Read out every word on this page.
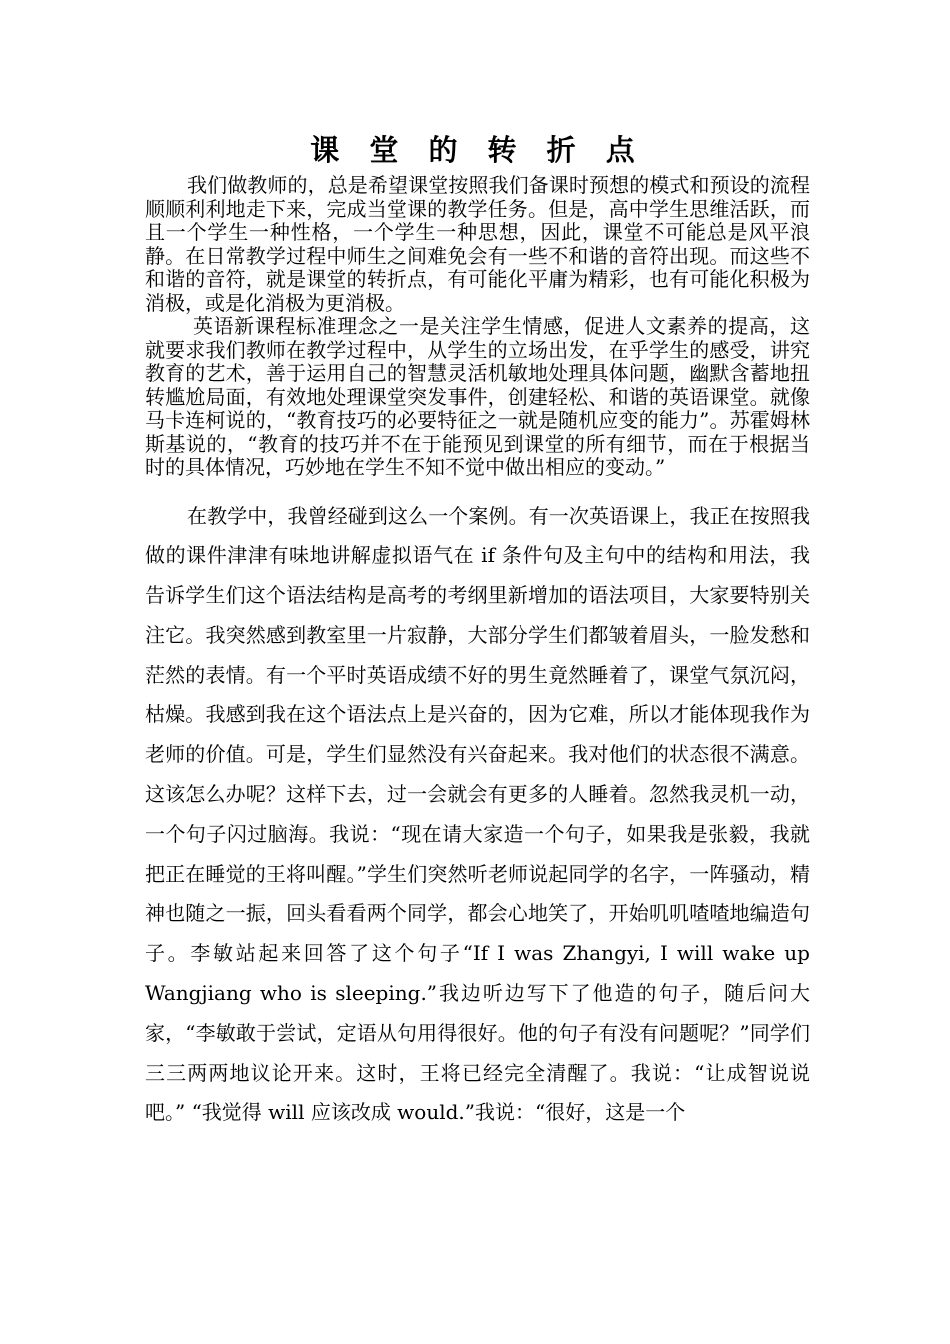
课 堂 的 转 折 点

我们做教师的，总是希望课堂按照我们备课时预想的模式和预设的流程顺顺利利地走下来，完成当堂课的教学任务。但是，高中学生思维活跃，而且一个学生一种性格，一个学生一种思想，因此，课堂不可能总是风平浪静。在日常教学过程中师生之间难免会有一些不和谐的音符出现。而这些不和谐的音符，就是课堂的转折点，有可能化平庸为精彩，也有可能化积极为消极，或是化消极为更消极。

英语新课程标准理念之一是关注学生情感，促进人文素养的提高，这就要求我们教师在教学过程中，从学生的立场出发，在乎学生的感受，讲究教育的艺术，善于运用自己的智慧灵活机敏地处理具体问题，幽默含蓄地扭转尴尬局面，有效地处理课堂突发事件，创建轻松、和谐的英语课堂。就像马卡连柯说的，“教育技巧的必要特征之一就是随机应变的能力”。苏霍姆林斯基说的，“教育的技巧并不在于能预见到课堂的所有细节，而在于根据当时的具体情况，巧妙地在学生不知不觉中做出相应的变动。”

在教学中，我曾经碰到这么一个案例。有一次英语课上，我正在按照我做的课件津津有味地讲解虚拟语气在 if 条件句及主句中的结构和用法，我告诉学生们这个语法结构是高考的考纲里新增加的语法项目，大家要特别关注它。我突然感到教室里一片寂静，大部分学生们都皱着眉头，一脸发愁和茫然的表情。有一个平时英语成绩不好的男生竟然睡着了，课堂气氛沉闷，枯燥。我感到我在这个语法点上是兴奋的，因为它难，所以才能体现我作为老师的价值。可是，学生们显然没有兴奋起来。我对他们的状态很不满意。这该怎么办呢？这样下去，过一会就会有更多的人睡着。忽然我灵机一动，一个句子闪过脑海。我说：“现在请大家造一个句子，如果我是张毅，我就把正在睡觉的王将叫醒。”学生们突然听老师说起同学的名字，一阵骚动，精神也随之一振，回头看看两个同学，都会心地笑了，开始叽叽喳喳地编造句子。李敏站起来回答了这个句子“If I was Zhangyi, I will wake up Wangjiang who is sleeping.”我边听边写下了他造的句子，随后问大家，“李敏敢于尝试，定语从句用得很好。他的句子有没有问题呢？”同学们三三两两地议论开来。这时，王将已经完全清醒了。我说：“让成智说说吧。” “我觉得 will 应该改成 would.”我说：“很好，这是一个
